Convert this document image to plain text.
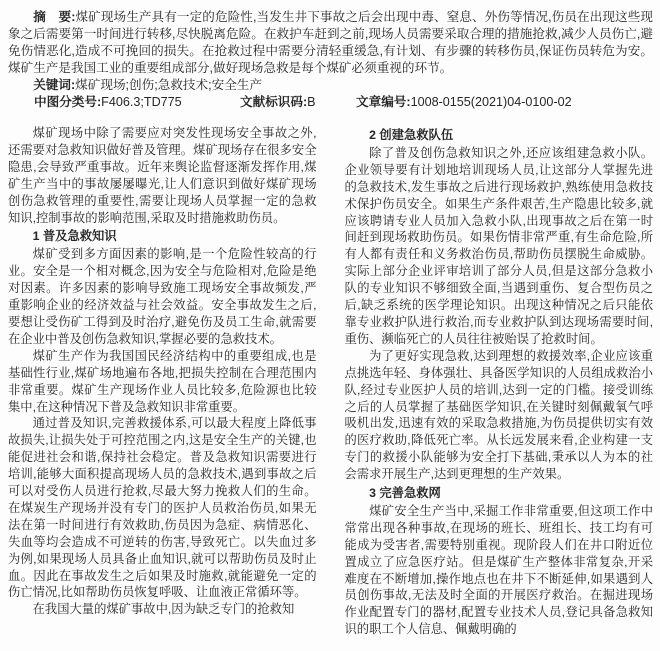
摘　要:煤矿现场生产具有一定的危险性,当发生井下事故之后会出现中毒、窒息、外伤等情况,伤员在出现这些现象之后需要第一时间进行转移,尽快脱离危险。在救护车赶到之前,现场人员需要采取合理的措施抢救,减少人员伤亡,避免伤情恶化,造成不可挽回的损失。在抢救过程中需要分清轻重缓急,有计划、有步骤的转移伤员,保证伤员转危为安。煤矿生产是我国工业的重要组成部分,做好现场急救是每个煤矿必须重视的环节。

关键词:煤矿现场;创伤;急救技术;安全生产

中图分类号:F406.3;TD775	文献标识码:B	文章编号:1008-0155(2021)04-0100-02

煤矿现场中除了需要应对突发性现场安全事故之外,还需要对急救知识做好普及管理。煤矿现场存在很多安全隐患,会导致严重事故。近年来舆论监督逐渐发挥作用,煤矿生产当中的事故屡屡曝光,让人们意识到做好煤矿现场创伤急救管理的重要性,需要让现场人员掌握一定的急救知识,控制事故的影响范围,采取及时措施救助伤员。

1 普及急救知识

煤矿受到多方面因素的影响,是一个危险性较高的行业。安全是一个相对概念,因为安全与危险相对,危险是绝对因素。许多因素的影响导致施工现场安全事故频发,严重影响企业的经济效益与社会效益。安全事故发生之后,要想让受伤矿工得到及时治疗,避免伤及员工生命,就需要在企业中普及创伤急救知识,掌握必要的急救技术。

煤矿生产作为我国国民经济结构中的重要组成,也是基础性行业,煤矿场地遍布各地,把损失控制在合理范围内非常重要。煤矿生产现场作业人员比较多,危险源也比较集中,在这种情况下普及急救知识非常重要。

通过普及知识,完善救援体系,可以最大程度上降低事故损失,让损失处于可控范围之内,这是安全生产的关键,也能促进社会和谐,保持社会稳定。普及急救知识需要进行培训,能够大面积提高现场人员的急救技术,遇到事故之后可以对受伤人员进行抢救,尽最大努力挽救人们的生命。在煤炭生产现场并没有专门的医护人员救治伤员,如果无法在第一时间进行有效救助,伤员因为急症、病情恶化、失血等均会造成不可逆转的伤害,导致死亡。以失血过多为例,如果现场人员具备止血知识,就可以帮助伤员及时止血。因此在事故发生之后如果及时施救,就能避免一定的伤亡情况,比如帮助伤员恢复呼吸、让血液正常循环等。

在我国大量的煤矿事故中,因为缺乏专门的抢救知

2 创建急救队伍

除了普及创伤急救知识之外,还应该组建急救小队。企业领导要有计划地培训现场人员,让这部分人掌握先进的急救技术,发生事故之后进行现场救护,熟练使用急救技术保护伤员安全。如果生产条件艰苦,生产隐患比较多,就应该聘请专业人员加入急救小队,出现事故之后在第一时间赶到现场救助伤员。如果伤情非常严重,有生命危险,所有人都有责任和义务救治伤员,帮助伤员摆脱生命威胁。实际上部分企业评审培训了部分人员,但是这部分急救小队的专业知识不够细致全面,当遇到重伤、复合型伤员之后,缺乏系统的医学理论知识。出现这种情况之后只能依靠专业救护队进行救治,而专业救护队到达现场需要时间,重伤、濒临死亡的人员往往被贻误了抢救时间。

为了更好实现急救,达到理想的救援效率,企业应该重点挑选年轻、身体强壮、具备医学知识的人员组成救治小队,经过专业医护人员的培训,达到一定的门槛。接受训练之后的人员掌握了基础医学知识,在关键时刻佩戴氧气呼吸机出发,迅速有效的采取急救措施,为伤员提供切实有效的医疗救助,降低死亡率。从长远发展来看,企业构建一支专门的救援小队能够为安全打下基础,秉承以人为本的社会需求开展生产,达到更理想的生产效果。

3 完善急救网

煤矿安全生产当中,采掘工作非常重要,但这项工作中常常出现各种事故,在现场的班长、班组长、技工均有可能成为受害者,需要特别重视。现阶段人们在井口附近位置成立了应急医疗站。但是煤矿生产整体非常复杂,开采难度在不断增加,操作地点也在井下不断延伸,如果遇到人员创伤事故,无法及时全面的开展医疗救治。在掘进现场作业配置专门的器材,配置专业技术人员,登记具备急救知识的职工个人信息、佩戴明确的
